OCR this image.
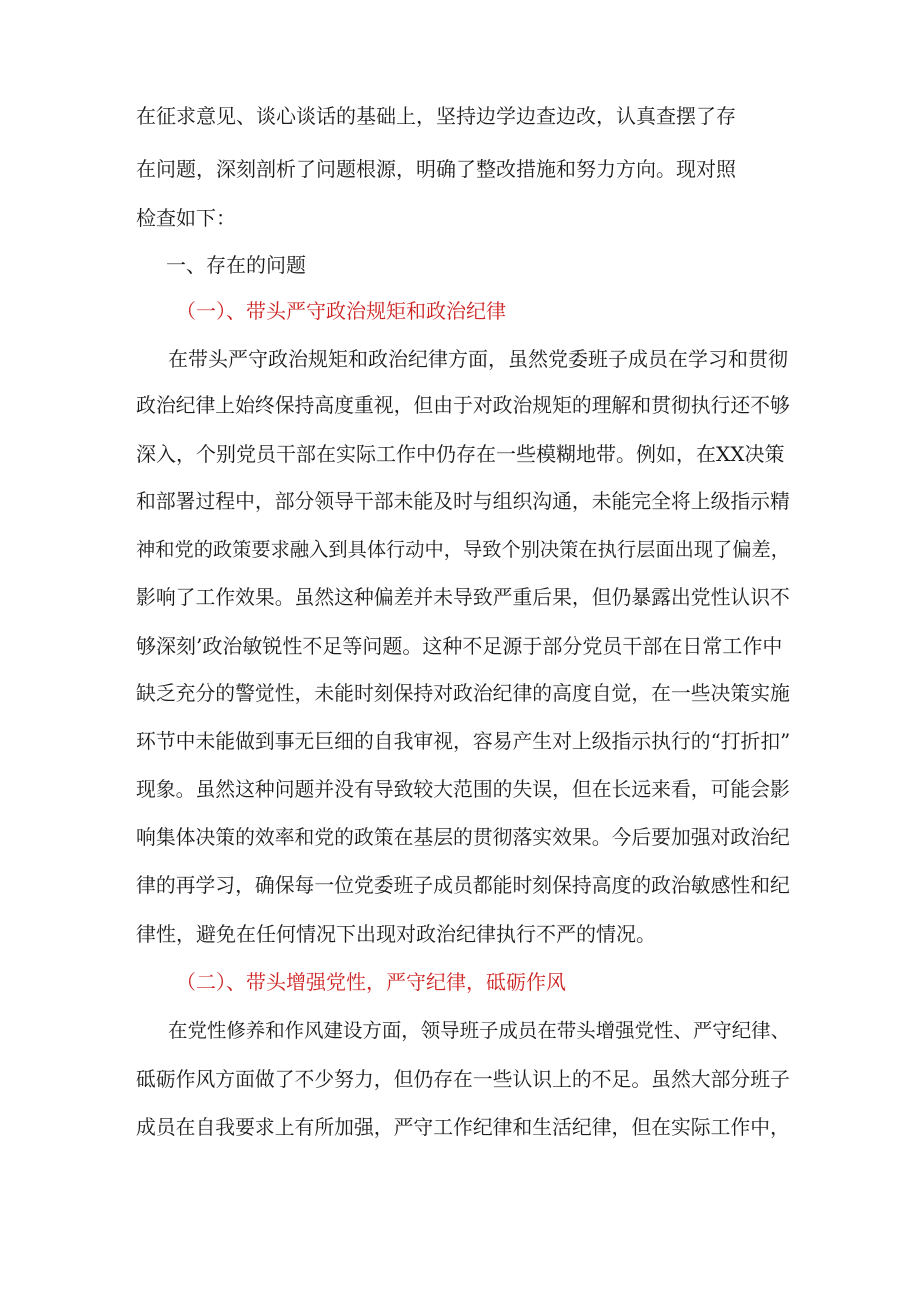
在征求意见、谈心谈话的基础上，坚持边学边查边改，认真查摆了存
在问题，深刻剖析了问题根源，明确了整改措施和努力方向。现对照
检查如下：
一、存在的问题
（一）、带头严守政治规矩和政治纪律
在带头严守政治规矩和政治纪律方面，虽然党委班子成员在学习和贯彻
政治纪律上始终保持高度重视，但由于对政治规矩的理解和贯彻执行还不够
深入，个别党员干部在实际工作中仍存在一些模糊地带。例如，在XX决策
和部署过程中，部分领导干部未能及时与组织沟通，未能完全将上级指示精
神和党的政策要求融入到具体行动中，导致个别决策在执行层面出现了偏差，
影响了工作效果。虽然这种偏差并未导致严重后果，但仍暴露出党性认识不
够深刻’政治敏锐性不足等问题。这种不足源于部分党员干部在日常工作中
缺乏充分的警觉性，未能时刻保持对政治纪律的高度自觉，在一些决策实施
环节中未能做到事无巨细的自我审视，容易产生对上级指示执行的“打折扣”
现象。虽然这种问题并没有导致较大范围的失误，但在长远来看，可能会影
响集体决策的效率和党的政策在基层的贯彻落实效果。今后要加强对政治纪
律的再学习，确保每一位党委班子成员都能时刻保持高度的政治敏感性和纪
律性，避免在任何情况下出现对政治纪律执行不严的情况。
（二）、带头增强党性，严守纪律，砥砺作风
在党性修养和作风建设方面，领导班子成员在带头增强党性、严守纪律、
砥砺作风方面做了不少努力，但仍存在一些认识上的不足。虽然大部分班子
成员在自我要求上有所加强，严守工作纪律和生活纪律，但在实际工作中，
